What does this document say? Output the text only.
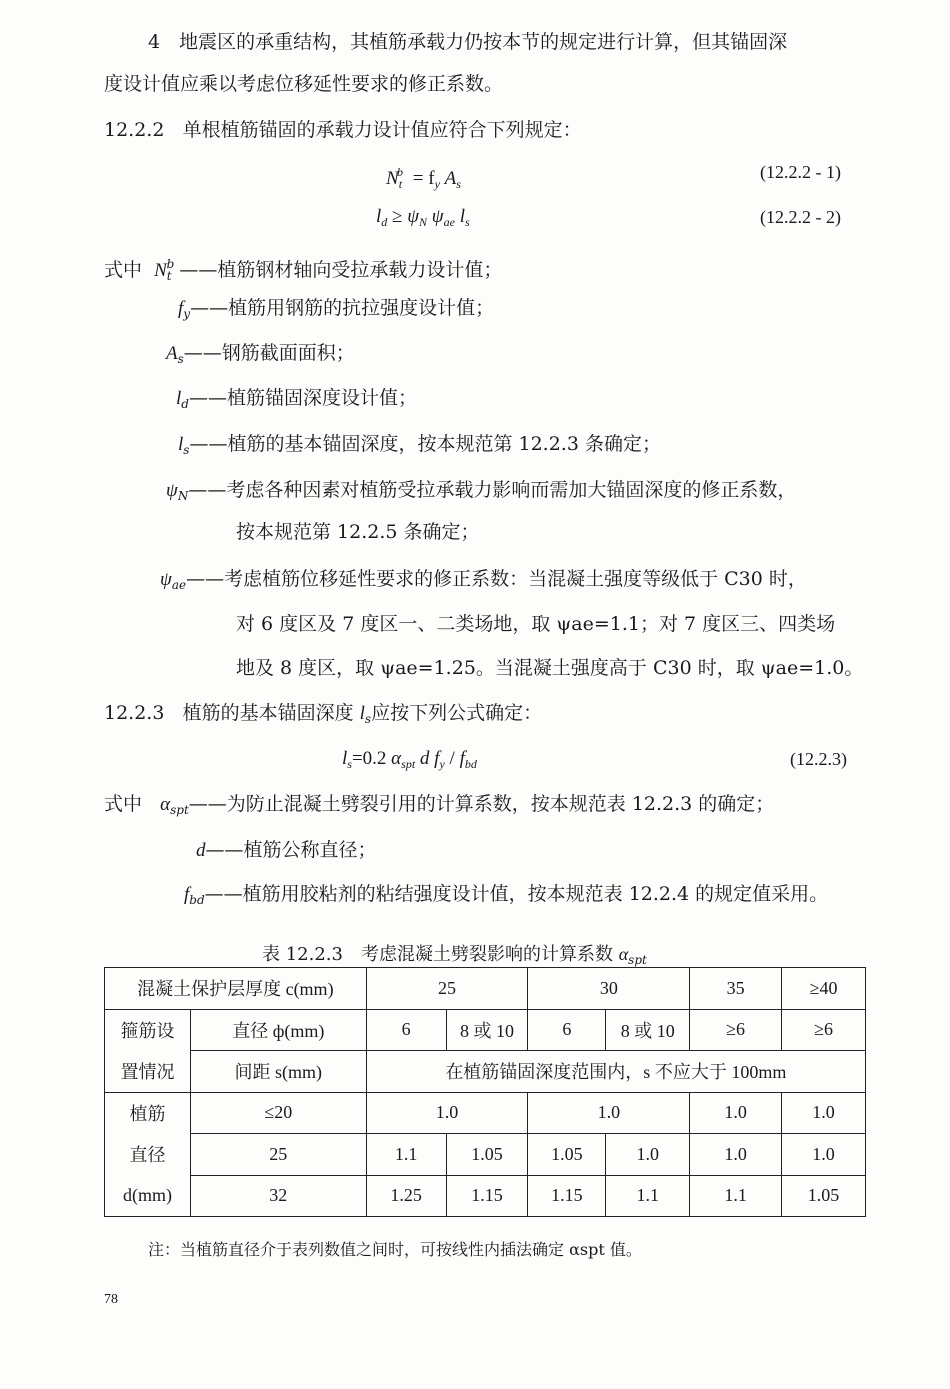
4　地震区的承重结构，其植筋承载力仍按本节的规定进行计算，但其锚固深
度设计值应乘以考虑位移延性要求的修正系数。
12.2.2 单根植筋锚固的承载力设计值应符合下列规定：
$N_t^b = f_y$ $A_s$
(12.2.2 - 1)
$l_d \ge \psi_N$ $\psi_{ae}$ $l_s$	(12.2.2 - 2)
式中 $N_t^b$ ——植筋钢材轴向受拉承载力设计值；
$f_y——$植筋用钢筋的抗拉强度设计值；
$A_s——$钢筋截面面积；
$l_d——$植筋锚固深度设计值；
$l_s——$植筋的基本锚固深度，按本规范第 12.2.3 条确定；
$\psi_N——$考虑各种因素对植筋受拉承载力影响而需加大锚固深度的修正系数，
按本规范第 12.2.5 条确定；
$\psi_{ae}——$考虑植筋位移延性要求的修正系数：当混凝土强度等级低于 C30 时，
对 6 度区及 7 度区一、二类场地，取 ψae=1.1；对 7 度区三、四类场
地及 8 度区，取 ψae=1.25。当混凝土强度高于 C30 时，取 ψae=1.0。
12.2.3 植筋的基本锚固深度 $l_s$应按下列公式确定：
$l_s=0.2$ $\alpha_{spt}$ d $f_y / f_{bd}$	(12.2.3)
式中 $\alpha_{spt}——$为防止混凝土劈裂引用的计算系数，按本规范表 12.2.3 的确定；
d——植筋公称直径；
$f_{bd}——$植筋用胶粘剂的粘结强度设计值，按本规范表 12.2.4 的规定值采用。
表 12.2.3　考虑混凝土劈裂影响的计算系数 $\alpha_{spt}$
混凝土保护层厚度 c(mm)		25		30		35	≥40
箍筋设	直径 ф(mm)	6	8 或 10	6	8 或 10	≥6	≥6
置情况	间距 s(mm)	在植筋锚固深度范围内，s 不应大于 100mm					
植筋	≤20	1.0		1.0		1.0	1.0
直径	25	1.1	1.05	1.05	1.0	1.0	1.0
d(mm)	32	1.25	1.15	1.15	1.1	1.1	1.05
注：当植筋直径介于表列数值之间时，可按线性内插法确定 αspt 值。
78
